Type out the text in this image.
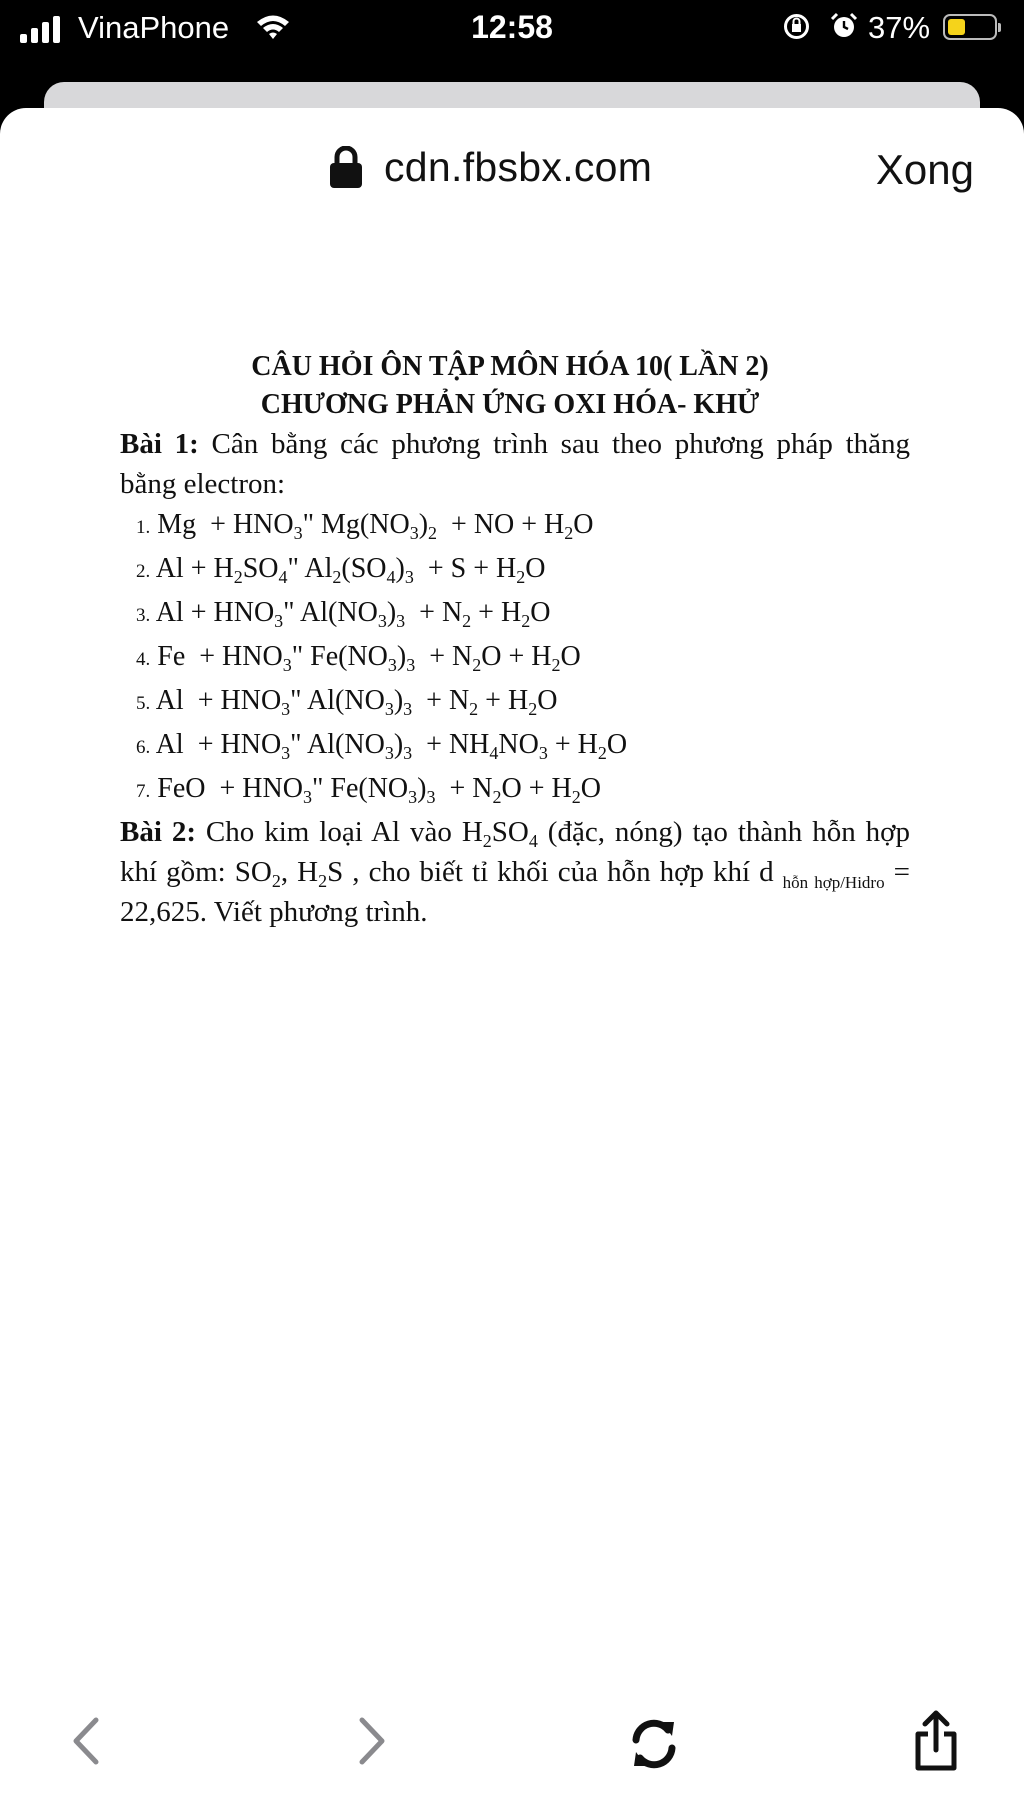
VinaPhone	12:58	37%
cdn.fbsbx.com	Xong
CÂU HỎI ÔN TẬP MÔN HÓA 10( LẦN 2)
CHƯƠNG PHẢN ỨNG OXI HÓA- KHỬ
Bài 1: Cân bằng các phương trình sau theo phương pháp thăng bằng electron:
1. $Mg + HNO_3$" $Mg(NO_3)_2$  + NO + $H_2O$
2. $Al + H_2SO_4$" $Al_2(SO_4)_3 + S + H_2O$
3. $Al + HNO_3$" $Al(NO_3)_3 + N_2 + H_2O$
4. $Fe + HNO_3$" $Fe(NO_3)_3 + N_2O + H_2O$
5. $Al + HNO_3$" $Al(NO_3)_3 + N_2 + H_2O$
6. $Al + HNO_3$" $Al(NO_3)_3 + NH_4NO_3 + H_2O$
7. FeO  + $HNO_3$" $Fe(NO_3)_3 + N_2O + H_2O$
Bài 2: Cho kim loại Al vào $H_2SO_4$ (đặc, nóng) tạo thành hỗn hợp khí gồm: $SO_2$, $H_2S$ , cho biết tỉ khối của hỗn hợp khí d $_{hỗn hợp/Hidro}$ = 22,625. Viết phương trình.
